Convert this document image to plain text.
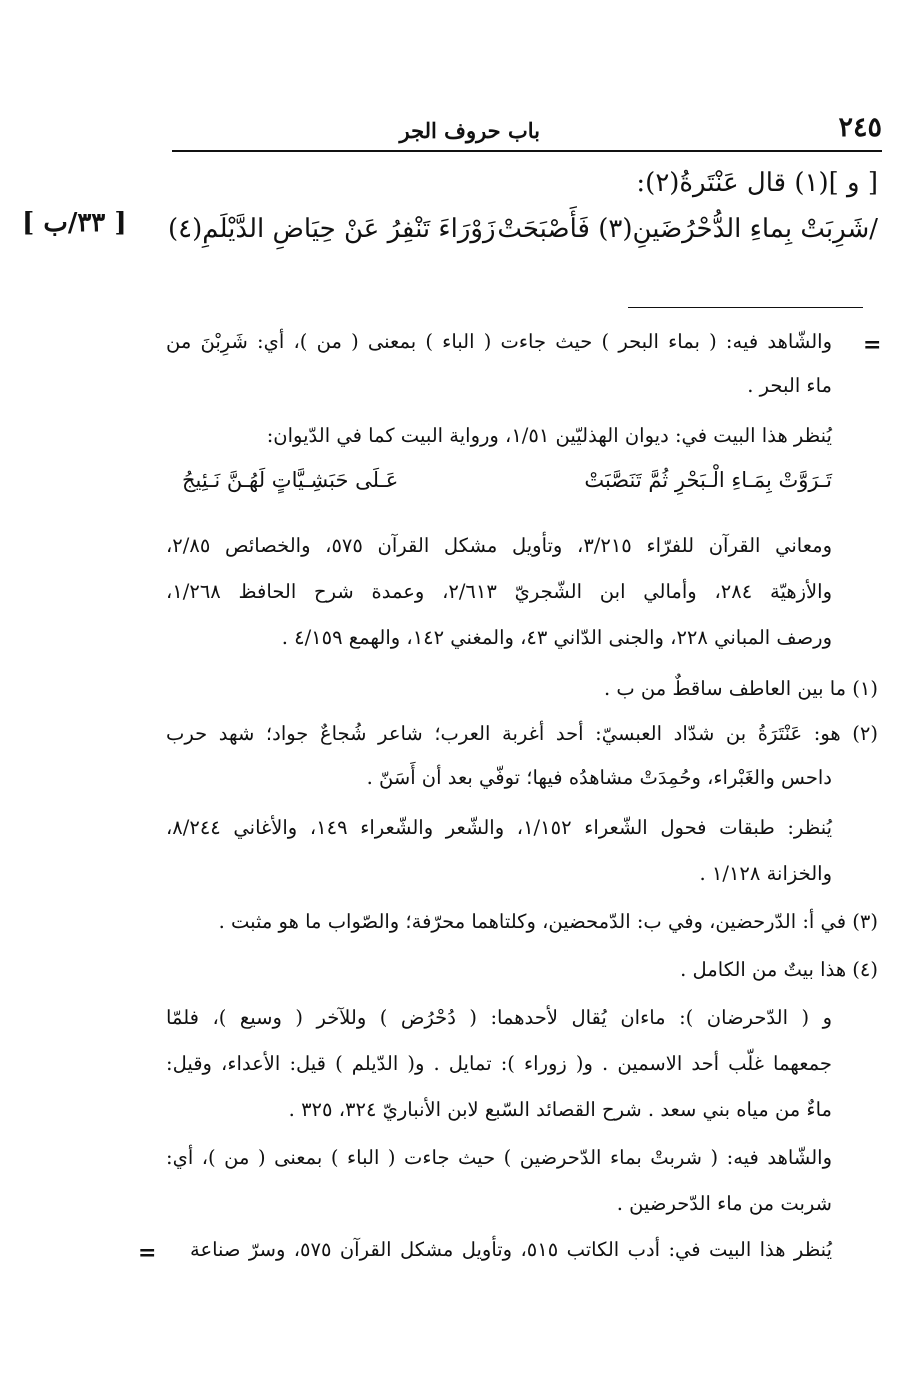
باب حروف الجر	٢٤٥
[ و ](١) قال عَنْتَرةُ(٢):
[ ٣٣/ب ]	/شَرِبَتْ بِماءِ الدُّحْرُضَينِ(٣) فَأَصْبَحَتْ
زَوْرَاءَ تَنْفِرُ عَنْ حِيَاضِ الدَّيْلَمِ(٤)
=
والشّاهد فيه: ( بماء البحر ) حيث جاءت ( الباء ) بمعنى ( من )، أي: شَرِبْنَ من
ماء البحر .
يُنظر هذا البيت في: ديوان الهذليّين ١/٥١، ورواية البيت كما في الدّيوان:
تَـرَوَّتْ بِمَـاءِ الْـبَحْرِ ثُمَّ تَنَصَّبَتْ
عَـلَى حَبَشِـيَّاتٍ لَهُـنَّ نَـئِيجُ
ومعاني القرآن للفرّاء ٣/٢١٥، وتأويل مشكل القرآن ٥٧٥، والخصائص ٢/٨٥،
والأزهيّة ٢٨٤، وأمالي ابن الشّجريّ ٢/٦١٣، وعمدة شرح الحافظ ١/٢٦٨،
ورصف المباني ٢٢٨، والجنى الدّاني ٤٣، والمغني ١٤٢، والهمع ٤/١٥٩ .
(١) ما بين العاطف ساقطٌ من ب .
(٢) هو: عَنْتَرَةُ بن شدّاد العبسيّ: أحد أغربة العرب؛ شاعر شُجاعٌ جواد؛ شهد حرب
داحس والغَبْراء، وحُمِدَتْ مشاهدُه فيها؛ توفّي بعد أن أَسَنّ .
يُنظر: طبقات فحول الشّعراء ١/١٥٢، والشّعر والشّعراء ١٤٩، والأغاني ٨/٢٤٤،
والخزانة ١/١٢٨ .
(٣) في أ: الدّرحضين، وفي ب: الدّمحضين، وكلتاهما محرّفة؛ والصّواب ما هو مثبت .
(٤) هذا بيتٌ من الكامل .
و ( الدّحرضان ): ماءان يُقال لأحدهما: ( دُحْرُض ) وللآخر ( وسيع )، فلمّا
جمعهما غلّب أحد الاسمين . و( زوراء ): تمايل . و( الدّيلم ) قيل: الأعداء، وقيل:
ماءٌ من مياه بني سعد . شرح القصائد السّبع لابن الأنباريّ ٣٢٤، ٣٢٥ .
والشّاهد فيه: ( شربتْ بماء الدّحرضين ) حيث جاءت ( الباء ) بمعنى ( من )، أي:
شربت من ماء الدّحرضين .
يُنظر هذا البيت في: أدب الكاتب ٥١٥، وتأويل مشكل القرآن ٥٧٥، وسرّ صناعة
=
